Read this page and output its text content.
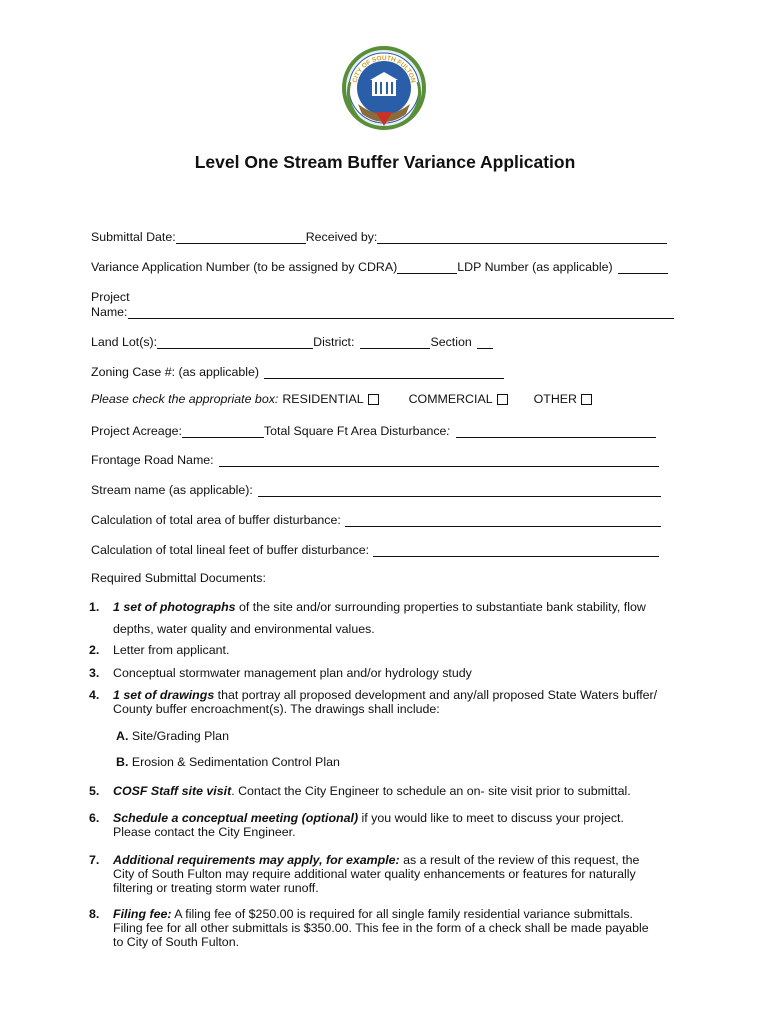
CITY OF SOUTH FULTON
Level One Stream Buffer Variance Application
Submittal Date:	Received by:
Variance Application Number (to be assigned by CDRA)	LDP Number (as applicable)
Project
Name:
Land Lot(s):	District:	Section
Zoning Case #: (as applicable)
Please check the appropriate box: RESIDENTIAL	COMMERCIAL	OTHER
Project Acreage:	Total Square Ft Area Disturbance :
Frontage Road Name:
Stream name (as applicable):
Calculation of total area of buffer disturbance:
Calculation of total lineal feet of buffer disturbance:
Required Submittal Documents:
1. 1 set of photographs of the site and/or surrounding properties to substantiate bank stability, flow
depths, water quality and environmental values.
2. Letter from applicant.
3. Conceptual stormwater management plan and/or hydrology study
4. 1 set of drawings that portray all proposed development and any/all proposed State Waters buffer/
County buffer encroachment(s). The drawings shall include:
A. Site/Grading Plan
B. Erosion & Sedimentation Control Plan
5. COSF Staff site visit. Contact the City Engineer to schedule an on- site visit prior to submittal.
6. Schedule a conceptual meeting (optional) if you would like to meet to discuss your project.
Please contact the City Engineer.
7. Additional requirements may apply, for example: as a result of the review of this request, the
City of South Fulton may require additional water quality enhancements or features for naturally
filtering or treating storm water runoff.
8. Filing fee: A filing fee of $250.00 is required for all single family residential variance submittals.
Filing fee for all other submittals is $350.00. This fee in the form of a check shall be made payable
to City of South Fulton.
